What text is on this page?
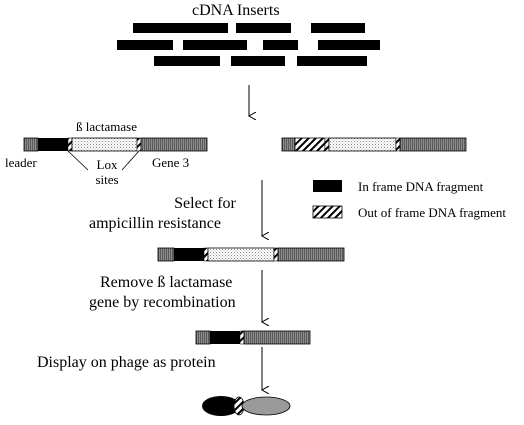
cDNA Inserts
ß lactamase
leader	Lox
sites
Gene 3
In frame DNA fragment
Out of frame DNA fragment
Select for
ampicillin resistance
Remove ß lactamase
gene by recombination
Display on phage as protein
